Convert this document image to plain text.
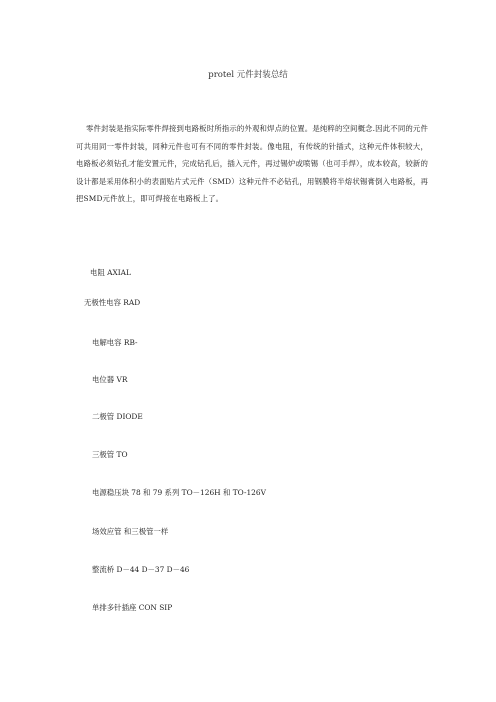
protel 元件封装总结
零件封装是指实际零件焊接到电路板时所指示的外观和焊点的位置。是纯粹的空间概念.因此不同的元件可共用同一零件封装，同种元件也可有不同的零件封装。像电阻，有传统的针插式，这种元件体积较大，电路板必须钻孔才能安置元件，完成钻孔后，插入元件，再过锡炉或喷锡（也可手焊），成本较高，较新的设计都是采用体积小的表面贴片式元件（SMD）这种元件不必钻孔，用钢膜将半熔状锡膏倒入电路板，再把SMD元件放上，即可焊接在电路板上了。
电阻 AXIAL
无极性电容 RAD
电解电容 RB-
电位器 VR
二极管 DIODE
三极管 TO
电源稳压块 78 和 79 系列 TO－126H 和 TO-126V
场效应管 和三极管一样
整流桥 D－44 D－37 D－46
单排多针插座 CON SIP
